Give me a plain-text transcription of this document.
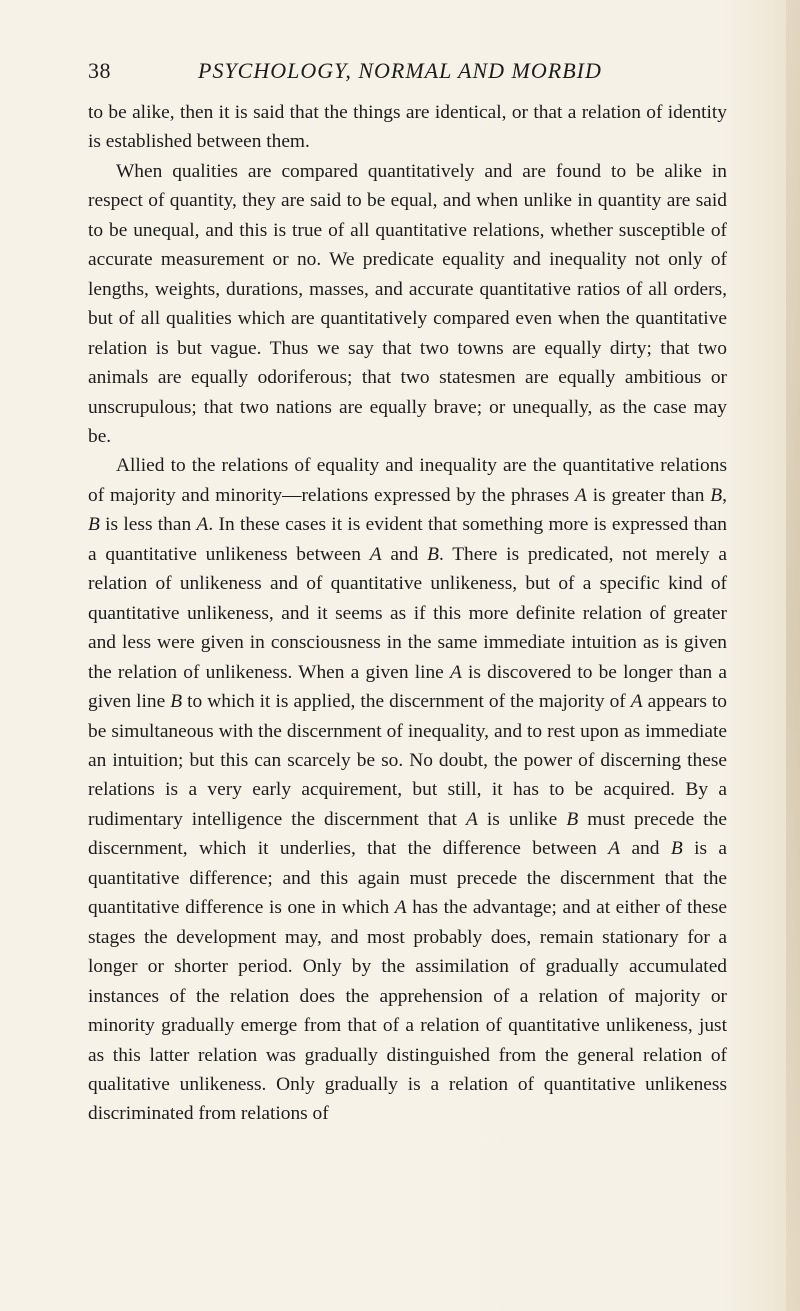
38	PSYCHOLOGY, NORMAL AND MORBID

to be alike, then it is said that the things are identical, or that a relation of identity is established between them.

When qualities are compared quantitatively and are found to be alike in respect of quantity, they are said to be equal, and when unlike in quantity are said to be unequal, and this is true of all quantitative relations, whether susceptible of accurate measurement or no. We predicate equality and inequality not only of lengths, weights, durations, masses, and accurate quantitative ratios of all orders, but of all qualities which are quantitatively compared even when the quantitative relation is but vague. Thus we say that two towns are equally dirty; that two animals are equally odoriferous; that two statesmen are equally ambitious or unscrupulous; that two nations are equally brave; or unequally, as the case may be.

Allied to the relations of equality and inequality are the quantitative relations of majority and minority—relations expressed by the phrases A is greater than B, B is less than A. In these cases it is evident that something more is expressed than a quantitative unlikeness between A and B. There is predicated, not merely a relation of unlikeness and of quantitative unlikeness, but of a specific kind of quantitative unlikeness, and it seems as if this more definite relation of greater and less were given in consciousness in the same immediate intuition as is given the relation of unlikeness. When a given line A is discovered to be longer than a given line B to which it is applied, the discernment of the majority of A appears to be simultaneous with the discernment of inequality, and to rest upon as immediate an intuition; but this can scarcely be so. No doubt, the power of discerning these relations is a very early acquirement, but still, it has to be acquired. By a rudimentary intelligence the discernment that A is unlike B must precede the discernment, which it underlies, that the difference between A and B is a quantitative difference; and this again must precede the discernment that the quantitative difference is one in which A has the advantage; and at either of these stages the development may, and most probably does, remain stationary for a longer or shorter period. Only by the assimilation of gradually accumulated instances of the relation does the apprehension of a relation of majority or minority gradually emerge from that of a relation of quantitative unlikeness, just as this latter relation was gradually distinguished from the general relation of qualitative unlikeness. Only gradually is a relation of quantitative unlikeness discriminated from relations of
